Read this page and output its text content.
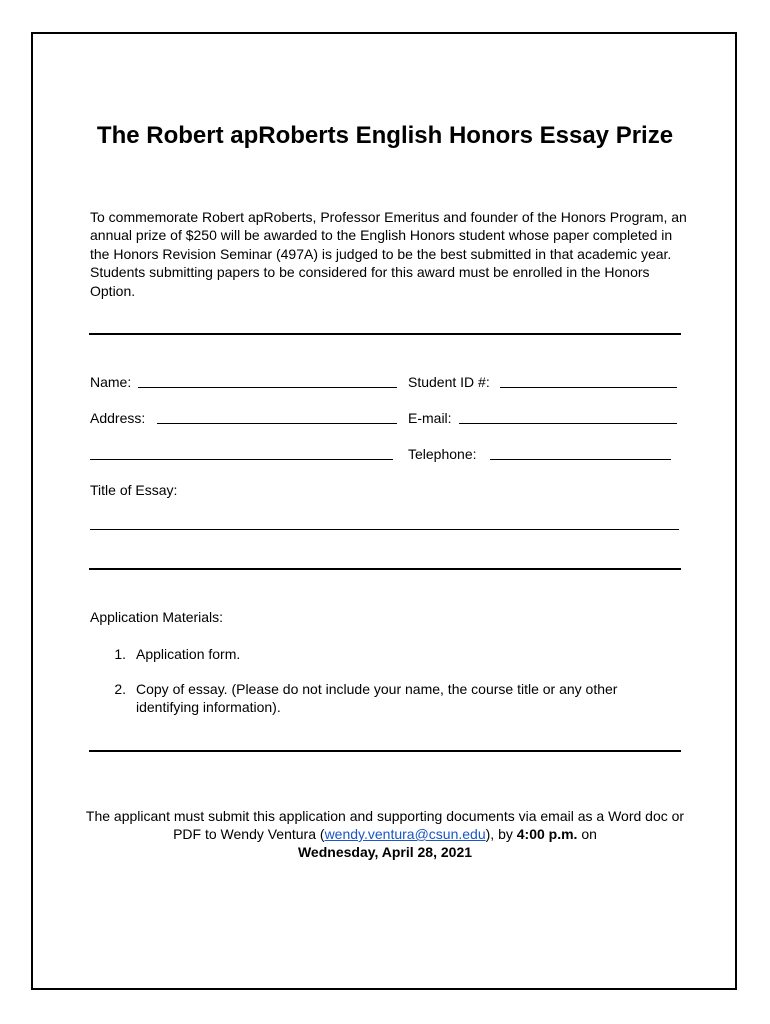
The Robert apRoberts English Honors Essay Prize

To commemorate Robert apRoberts, Professor Emeritus and founder of the Honors Program, an annual prize of $250 will be awarded to the English Honors student whose paper completed in the Honors Revision Seminar (497A) is judged to be the best submitted in that academic year. Students submitting papers to be considered for this award must be enrolled in the Honors Option.

Name:	Student ID #:
Address:	E-mail:
Telephone:
Title of Essay:
Application Materials:
1. Application form.
2. Copy of essay. (Please do not include your name, the course title or any other identifying information).

The applicant must submit this application and supporting documents via email as a Word doc or PDF to Wendy Ventura (wendy.ventura@csun.edu), by 4:00 p.m. on
Wednesday, April 28, 2021
